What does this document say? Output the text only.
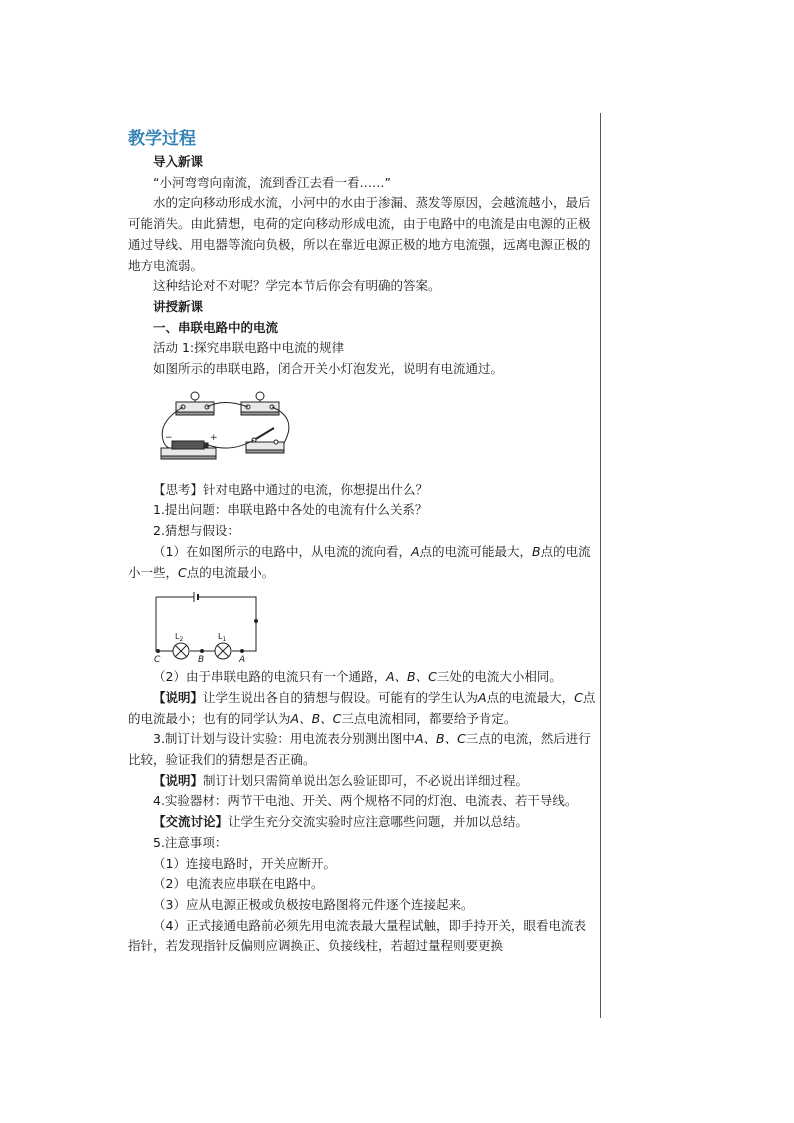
教学过程

导入新课

“小河弯弯向南流，流到香江去看一看……”

水的定向移动形成水流，小河中的水由于渗漏、蒸发等原因，会越流越小，最后可能消失。由此猜想，电荷的定向移动形成电流，由于电路中的电流是由电源的正极通过导线、用电器等流向负极，所以在靠近电源正极的地方电流强，远离电源正极的地方电流弱。

这种结论对不对呢？学完本节后你会有明确的答案。

讲授新课

一、串联电路中的电流

活动 1:探究串联电路中电流的规律

如图所示的串联电路，闭合开关小灯泡发光，说明有电流通过。

−	+

【思考】针对电路中通过的电流，你想提出什么？

1.提出问题：串联电路中各处的电流有什么关系？

2.猜想与假设：

（1）在如图所示的电路中，从电流的流向看，A点的电流可能最大，B点的电流小一些，C点的电流最小。

$L_2$	$L_1$
C	B	A

（2）由于串联电路的电流只有一个通路，A、B、C三处的电流大小相同。

【说明】让学生说出各自的猜想与假设。可能有的学生认为A点的电流最大，C点的电流最小；也有的同学认为A、B、C三点电流相同，都要给予肯定。

3.制订计划与设计实验：用电流表分别测出图中A、B、C三点的电流，然后进行比较，验证我们的猜想是否正确。

【说明】制订计划只需简单说出怎么验证即可，不必说出详细过程。

4.实验器材：两节干电池、开关、两个规格不同的灯泡、电流表、若干导线。

【交流讨论】让学生充分交流实验时应注意哪些问题，并加以总结。

5.注意事项：

（1）连接电路时，开关应断开。

（2）电流表应串联在电路中。

（3）应从电源正极或负极按电路图将元件逐个连接起来。

（4）正式接通电路前必须先用电流表最大量程试触，即手持开关，眼看电流表指针，若发现指针反偏则应调换正、负接线柱，若超过量程则要更换
